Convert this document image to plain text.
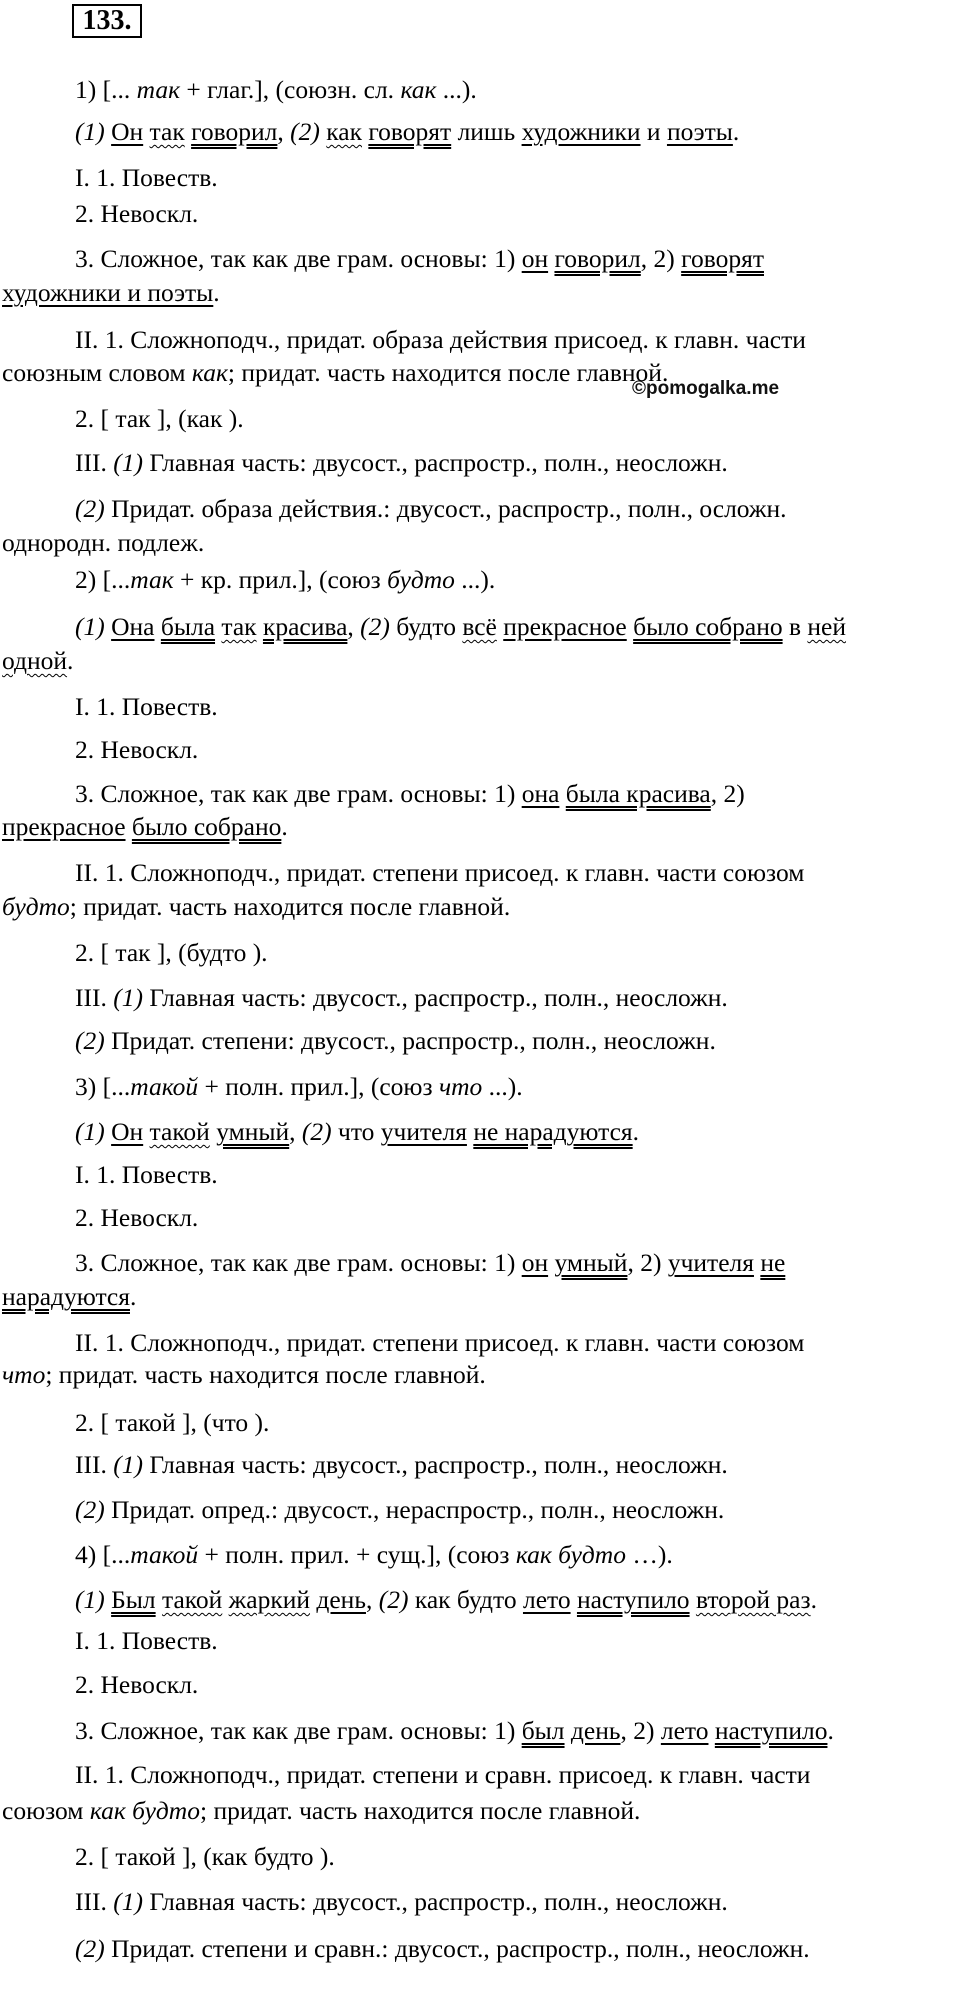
133.
©pomogalka.me
1) [... так + глаг.], (союзн. сл. как ...).
(1) Он так говорил, (2) как говорят лишь художники и поэты.
I. 1. Повеств.
2. Невоскл.
3. Сложное, так как две грам. основы: 1) он говорил, 2) говорят
художники и поэты.
II. 1. Сложноподч., придат. образа действия присоед. к главн. части
союзным словом как; придат. часть находится после главной.
2. [ так ], (как ).
III. (1) Главная часть: двусост., распростр., полн., неосложн.
(2) Придат. образа действия.: двусост., распростр., полн., осложн.
однородн. подлеж.
2) [...так + кр. прил.], (союз будто ...).
(1) Она была так красива, (2) будто всё прекрасное было собрано в ней
одной.
I. 1. Повеств.
2. Невоскл.
3. Сложное, так как две грам. основы: 1) она была красива, 2)
прекрасное было собрано.
II. 1. Сложноподч., придат. степени присоед. к главн. части союзом
будто; придат. часть находится после главной.
2. [ так ], (будто ).
III. (1) Главная часть: двусост., распростр., полн., неосложн.
(2) Придат. степени: двусост., распростр., полн., неосложн.
3) [...такой + полн. прил.], (союз что ...).
(1) Он такой умный, (2) что учителя не нарадуются.
I. 1. Повеств.
2. Невоскл.
3. Сложное, так как две грам. основы: 1) он умный, 2) учителя не
нарадуются.
II. 1. Сложноподч., придат. степени присоед. к главн. части союзом
что; придат. часть находится после главной.
2. [ такой ], (что ).
III. (1) Главная часть: двусост., распростр., полн., неосложн.
(2) Придат. опред.: двусост., нераспростр., полн., неосложн.
4) [...такой + полн. прил. + сущ.], (союз как будто …).
(1) Был такой жаркий день, (2) как будто лето наступило второй раз.
I. 1. Повеств.
2. Невоскл.
3. Сложное, так как две грам. основы: 1) был день, 2) лето наступило.
II. 1. Сложноподч., придат. степени и сравн. присоед. к главн. части
союзом как будто; придат. часть находится после главной.
2. [ такой ], (как будто ).
III. (1) Главная часть: двусост., распростр., полн., неосложн.
(2) Придат. степени и сравн.: двусост., распростр., полн., неосложн.
